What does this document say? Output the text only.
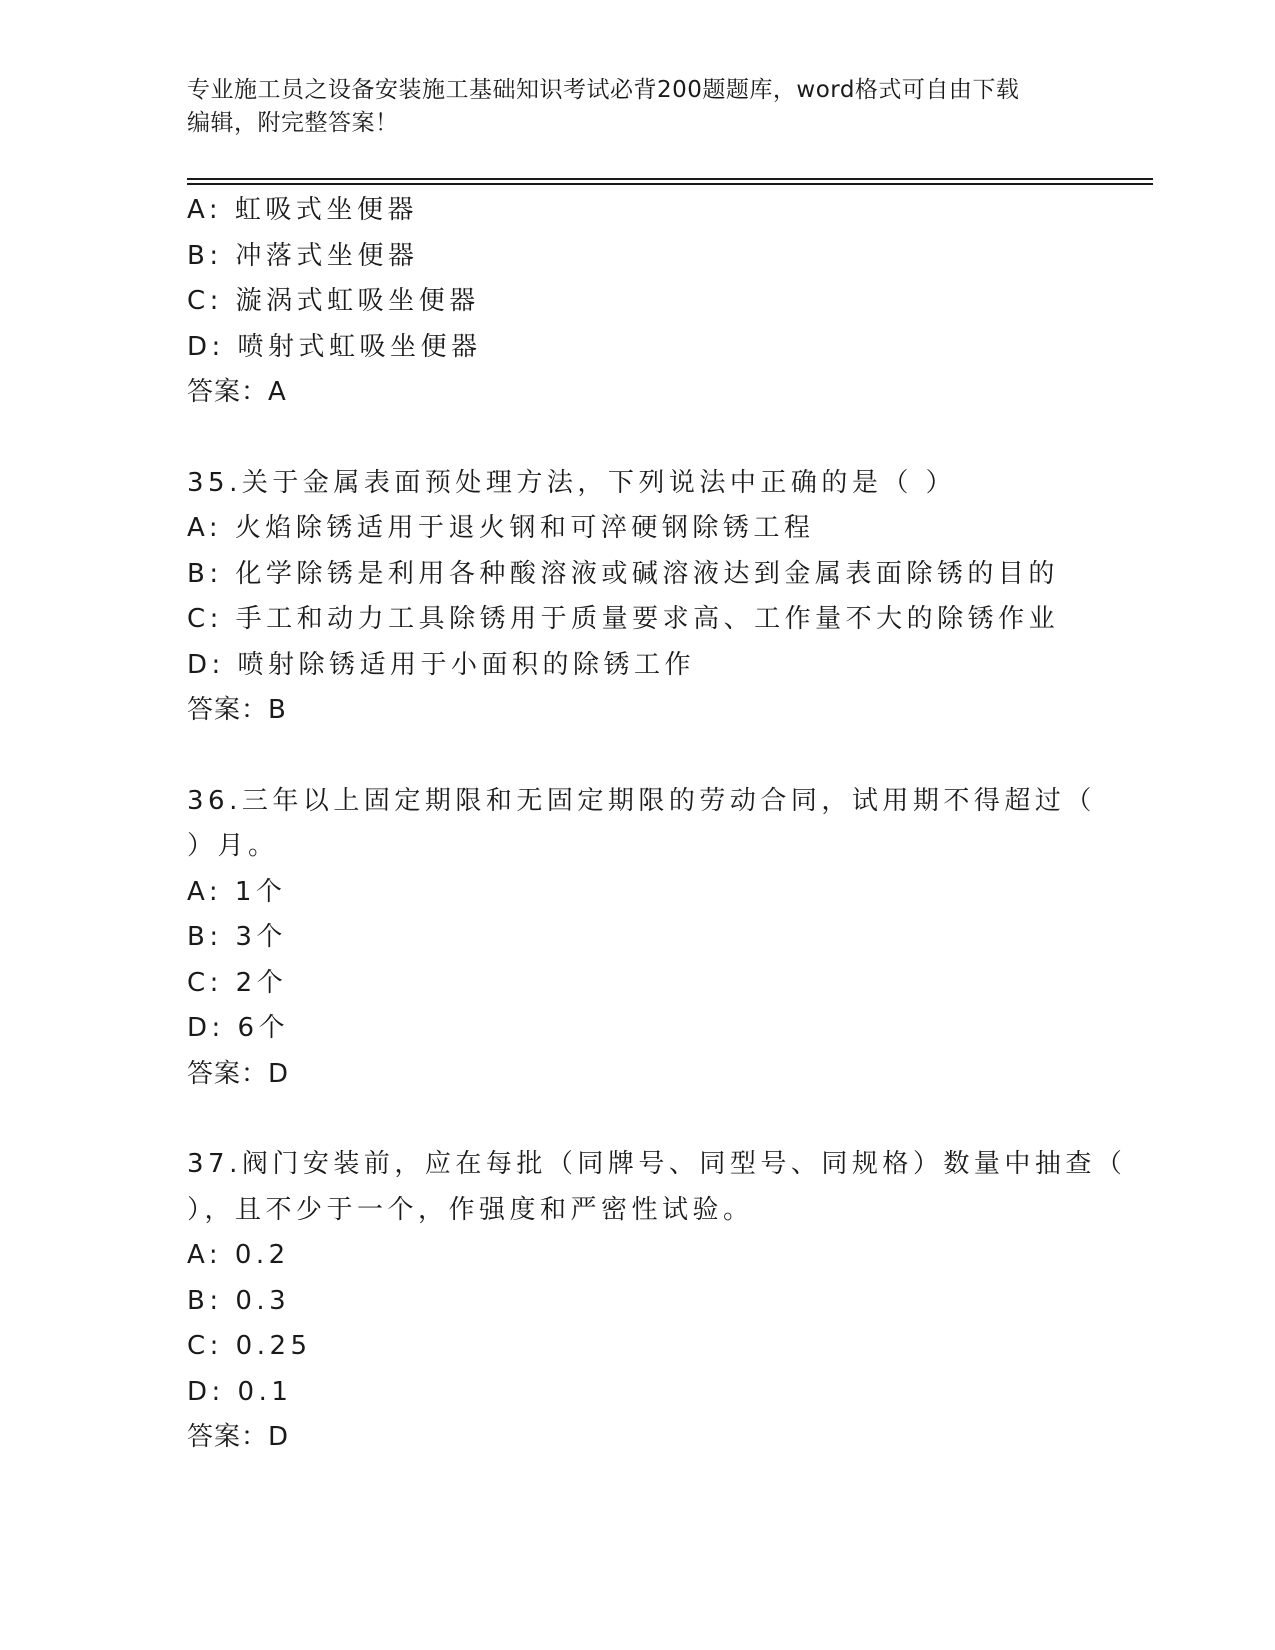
专业施工员之设备安装施工基础知识考试必背200题题库，word格式可自由下载
编辑，附完整答案！
A: 虹吸式坐便器
B: 冲落式坐便器
C: 漩涡式虹吸坐便器
D: 喷射式虹吸坐便器
答案：A
35.关于金属表面预处理方法，下列说法中正确的是（ ）
A: 火焰除锈适用于退火钢和可淬硬钢除锈工程
B: 化学除锈是利用各种酸溶液或碱溶液达到金属表面除锈的目的
C: 手工和动力工具除锈用于质量要求高、工作量不大的除锈作业
D: 喷射除锈适用于小面积的除锈工作
答案：B
36.三年以上固定期限和无固定期限的劳动合同，试用期不得超过（
）月。
A: 1个
B: 3个
C: 2个
D: 6个
答案：D
37.阀门安装前，应在每批（同牌号、同型号、同规格）数量中抽查（
），且不少于一个，作强度和严密性试验。
A: 0.2
B: 0.3
C: 0.25
D: 0.1
答案：D
